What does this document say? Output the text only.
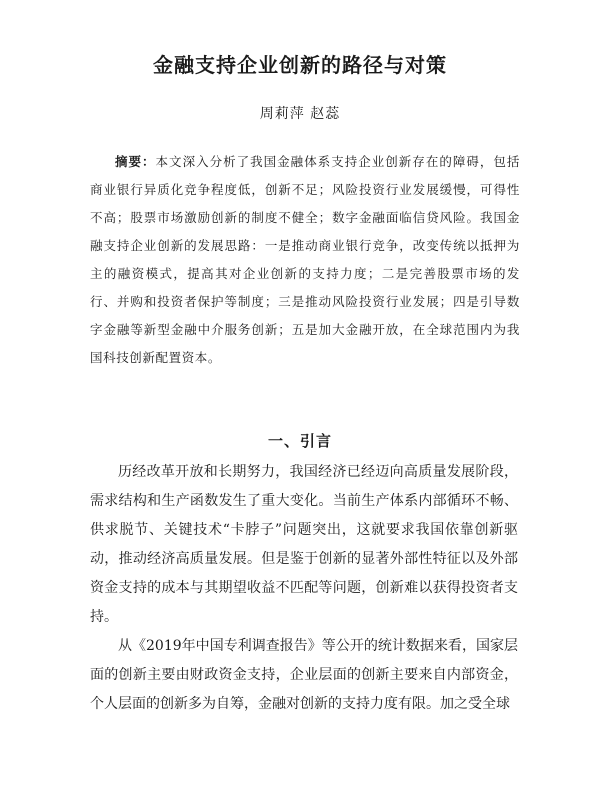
金融支持企业创新的路径与对策
周莉萍 赵蕊
摘要：本文深入分析了我国金融体系支持企业创新存在的障碍，包括商业银行异质化竞争程度低，创新不足；风险投资行业发展缓慢，可得性不高；股票市场激励创新的制度不健全；数字金融面临信贷风险。我国金融支持企业创新的发展思路：一是推动商业银行竞争，改变传统以抵押为主的融资模式，提高其对企业创新的支持力度；二是完善股票市场的发行、并购和投资者保护等制度；三是推动风险投资行业发展；四是引导数字金融等新型金融中介服务创新；五是加大金融开放，在全球范围内为我国科技创新配置资本。
一、引言

历经改革开放和长期努力，我国经济已经迈向高质量发展阶段，需求结构和生产函数发生了重大变化。当前生产体系内部循环不畅、供求脱节、关键技术“卡脖子”问题突出，这就要求我国依靠创新驱动，推动经济高质量发展。但是鉴于创新的显著外部性特征以及外部资金支持的成本与其期望收益不匹配等问题，创新难以获得投资者支持。

从《2019年中国专利调查报告》等公开的统计数据来看，国家层面的创新主要由财政资金支持，企业层面的创新主要来自内部资金，个人层面的创新多为自筹，金融对创新的支持力度有限。加之受全球
